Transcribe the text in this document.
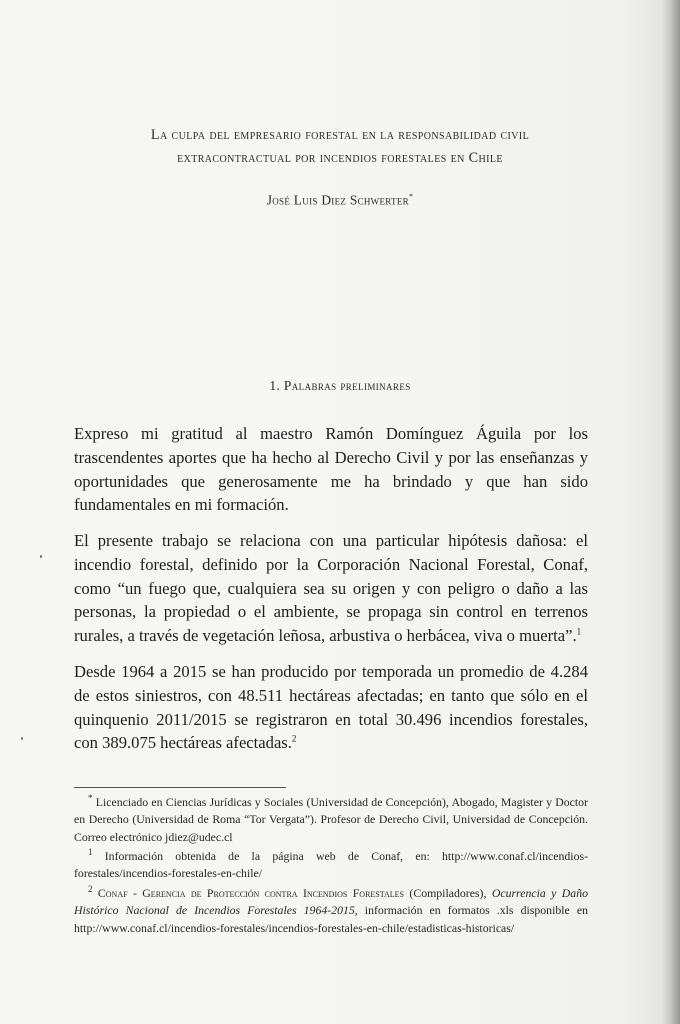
La culpa del empresario forestal en la responsabilidad civil
extracontractual por incendios forestales en Chile
José Luis Diez Schwerter*
1. Palabras preliminares

Expreso mi gratitud al maestro Ramón Domínguez Águila por los trascendentes aportes que ha hecho al Derecho Civil y por las enseñanzas y oportunidades que generosamente me ha brindado y que han sido fundamentales en mi formación.

El presente trabajo se relaciona con una particular hipótesis dañosa: el incendio forestal, definido por la Corporación Nacional Forestal, Conaf, como “un fuego que, cualquiera sea su origen y con peligro o daño a las personas, la propiedad o el ambiente, se propaga sin control en terrenos rurales, a través de vegetación leñosa, arbustiva o herbácea, viva o muerta”.$^1$

Desde 1964 a 2015 se han producido por temporada un promedio de 4.284 de estos siniestros, con 48.511 hectáreas afectadas; en tanto que sólo en el quinquenio 2011/2015 se registraron en total 30.496 incendios forestales, con 389.075 hectáreas afectadas.$^2$

* Licenciado en Ciencias Jurídicas y Sociales (Universidad de Concepción), Abogado, Magister y Doctor en Derecho (Universidad de Roma “Tor Vergata”). Profesor de Derecho Civil, Universidad de Concepción. Correo electrónico jdiez@udec.cl

$^1$ Información obtenida de la página web de Conaf, en: http://www.conaf.cl/incendios-forestales/incendios-forestales-en-chile/

$^2$ Conaf - Gerencia de Protección contra Incendios Forestales (Compiladores), Ocurrencia y Daño Histórico Nacional de Incendios Forestales 1964-2015, información en formatos .xls disponible en http://www.conaf.cl/incendios-forestales/incendios-forestales-en-chile/estadisticas-historicas/
